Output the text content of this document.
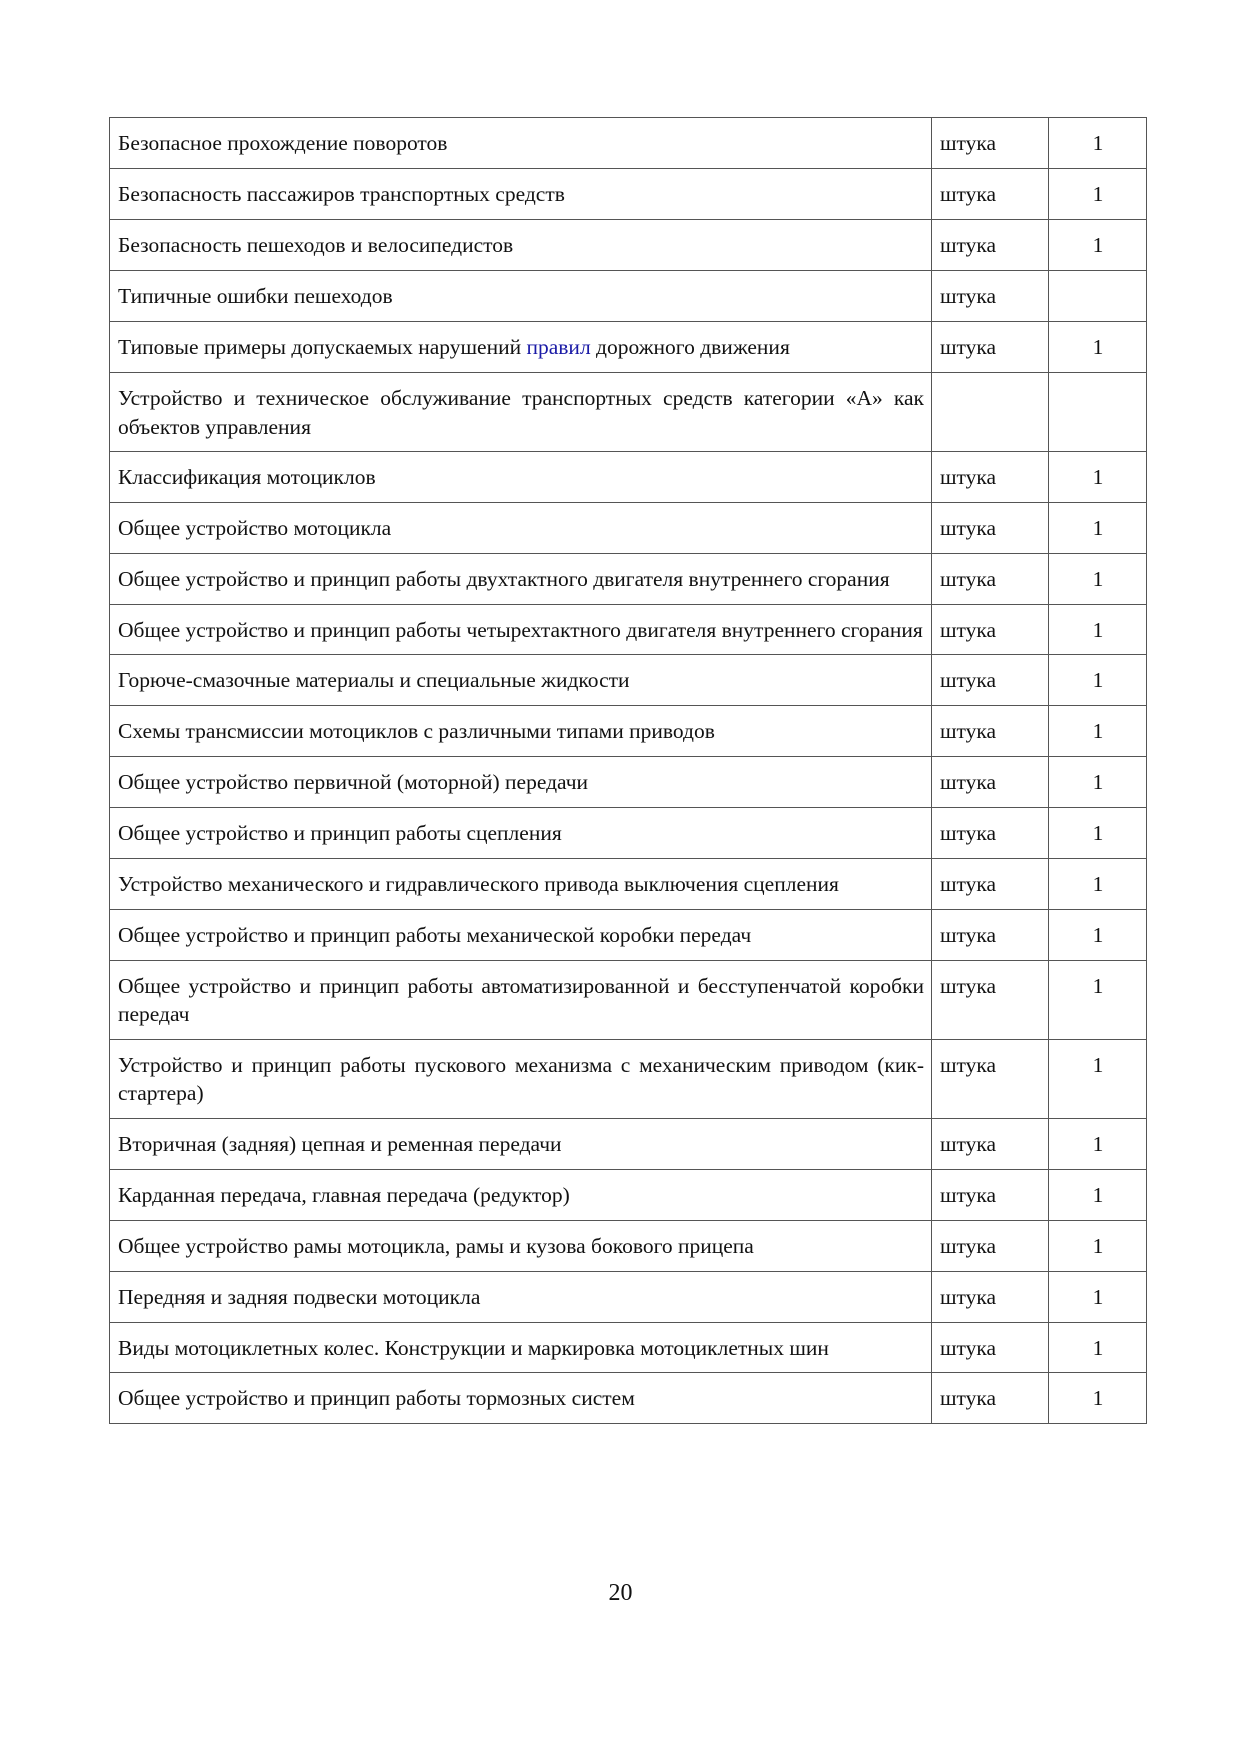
Безопасное прохождение поворотов	штука	1
Безопасность пассажиров транспортных средств	штука	1
Безопасность пешеходов и велосипедистов	штука	1
Типичные ошибки пешеходов	штука	
Типовые примеры допускаемых нарушений правил дорожного движения	штука	1
Устройство и техническое обслуживание транспортных средств категории «А» как объектов управления		
Классификация мотоциклов	штука	1
Общее устройство мотоцикла	штука	1
Общее устройство и принцип работы двухтактного двигателя внутреннего сгорания	штука	1
Общее устройство и принцип работы четырехтактного двигателя внутреннего сгорания	штука	1
Горюче-смазочные материалы и специальные жидкости	штука	1
Схемы трансмиссии мотоциклов с различными типами приводов	штука	1
Общее устройство первичной (моторной) передачи	штука	1
Общее устройство и принцип работы сцепления	штука	1
Устройство механического и гидравлического привода выключения сцепления	штука	1
Общее устройство и принцип работы механической коробки передач	штука	1
Общее устройство и принцип работы автоматизированной и бесступенчатой коробки передач	штука	1
Устройство и принцип работы пускового механизма с механическим приводом (кик-стартера)	штука	1
Вторичная (задняя) цепная и ременная передачи	штука	1
Карданная передача, главная передача (редуктор)	штука	1
Общее устройство рамы мотоцикла, рамы и кузова бокового прицепа	штука	1
Передняя и задняя подвески мотоцикла	штука	1
Виды мотоциклетных колес. Конструкции и маркировка мотоциклетных шин	штука	1
Общее устройство и принцип работы тормозных систем	штука	1
20
